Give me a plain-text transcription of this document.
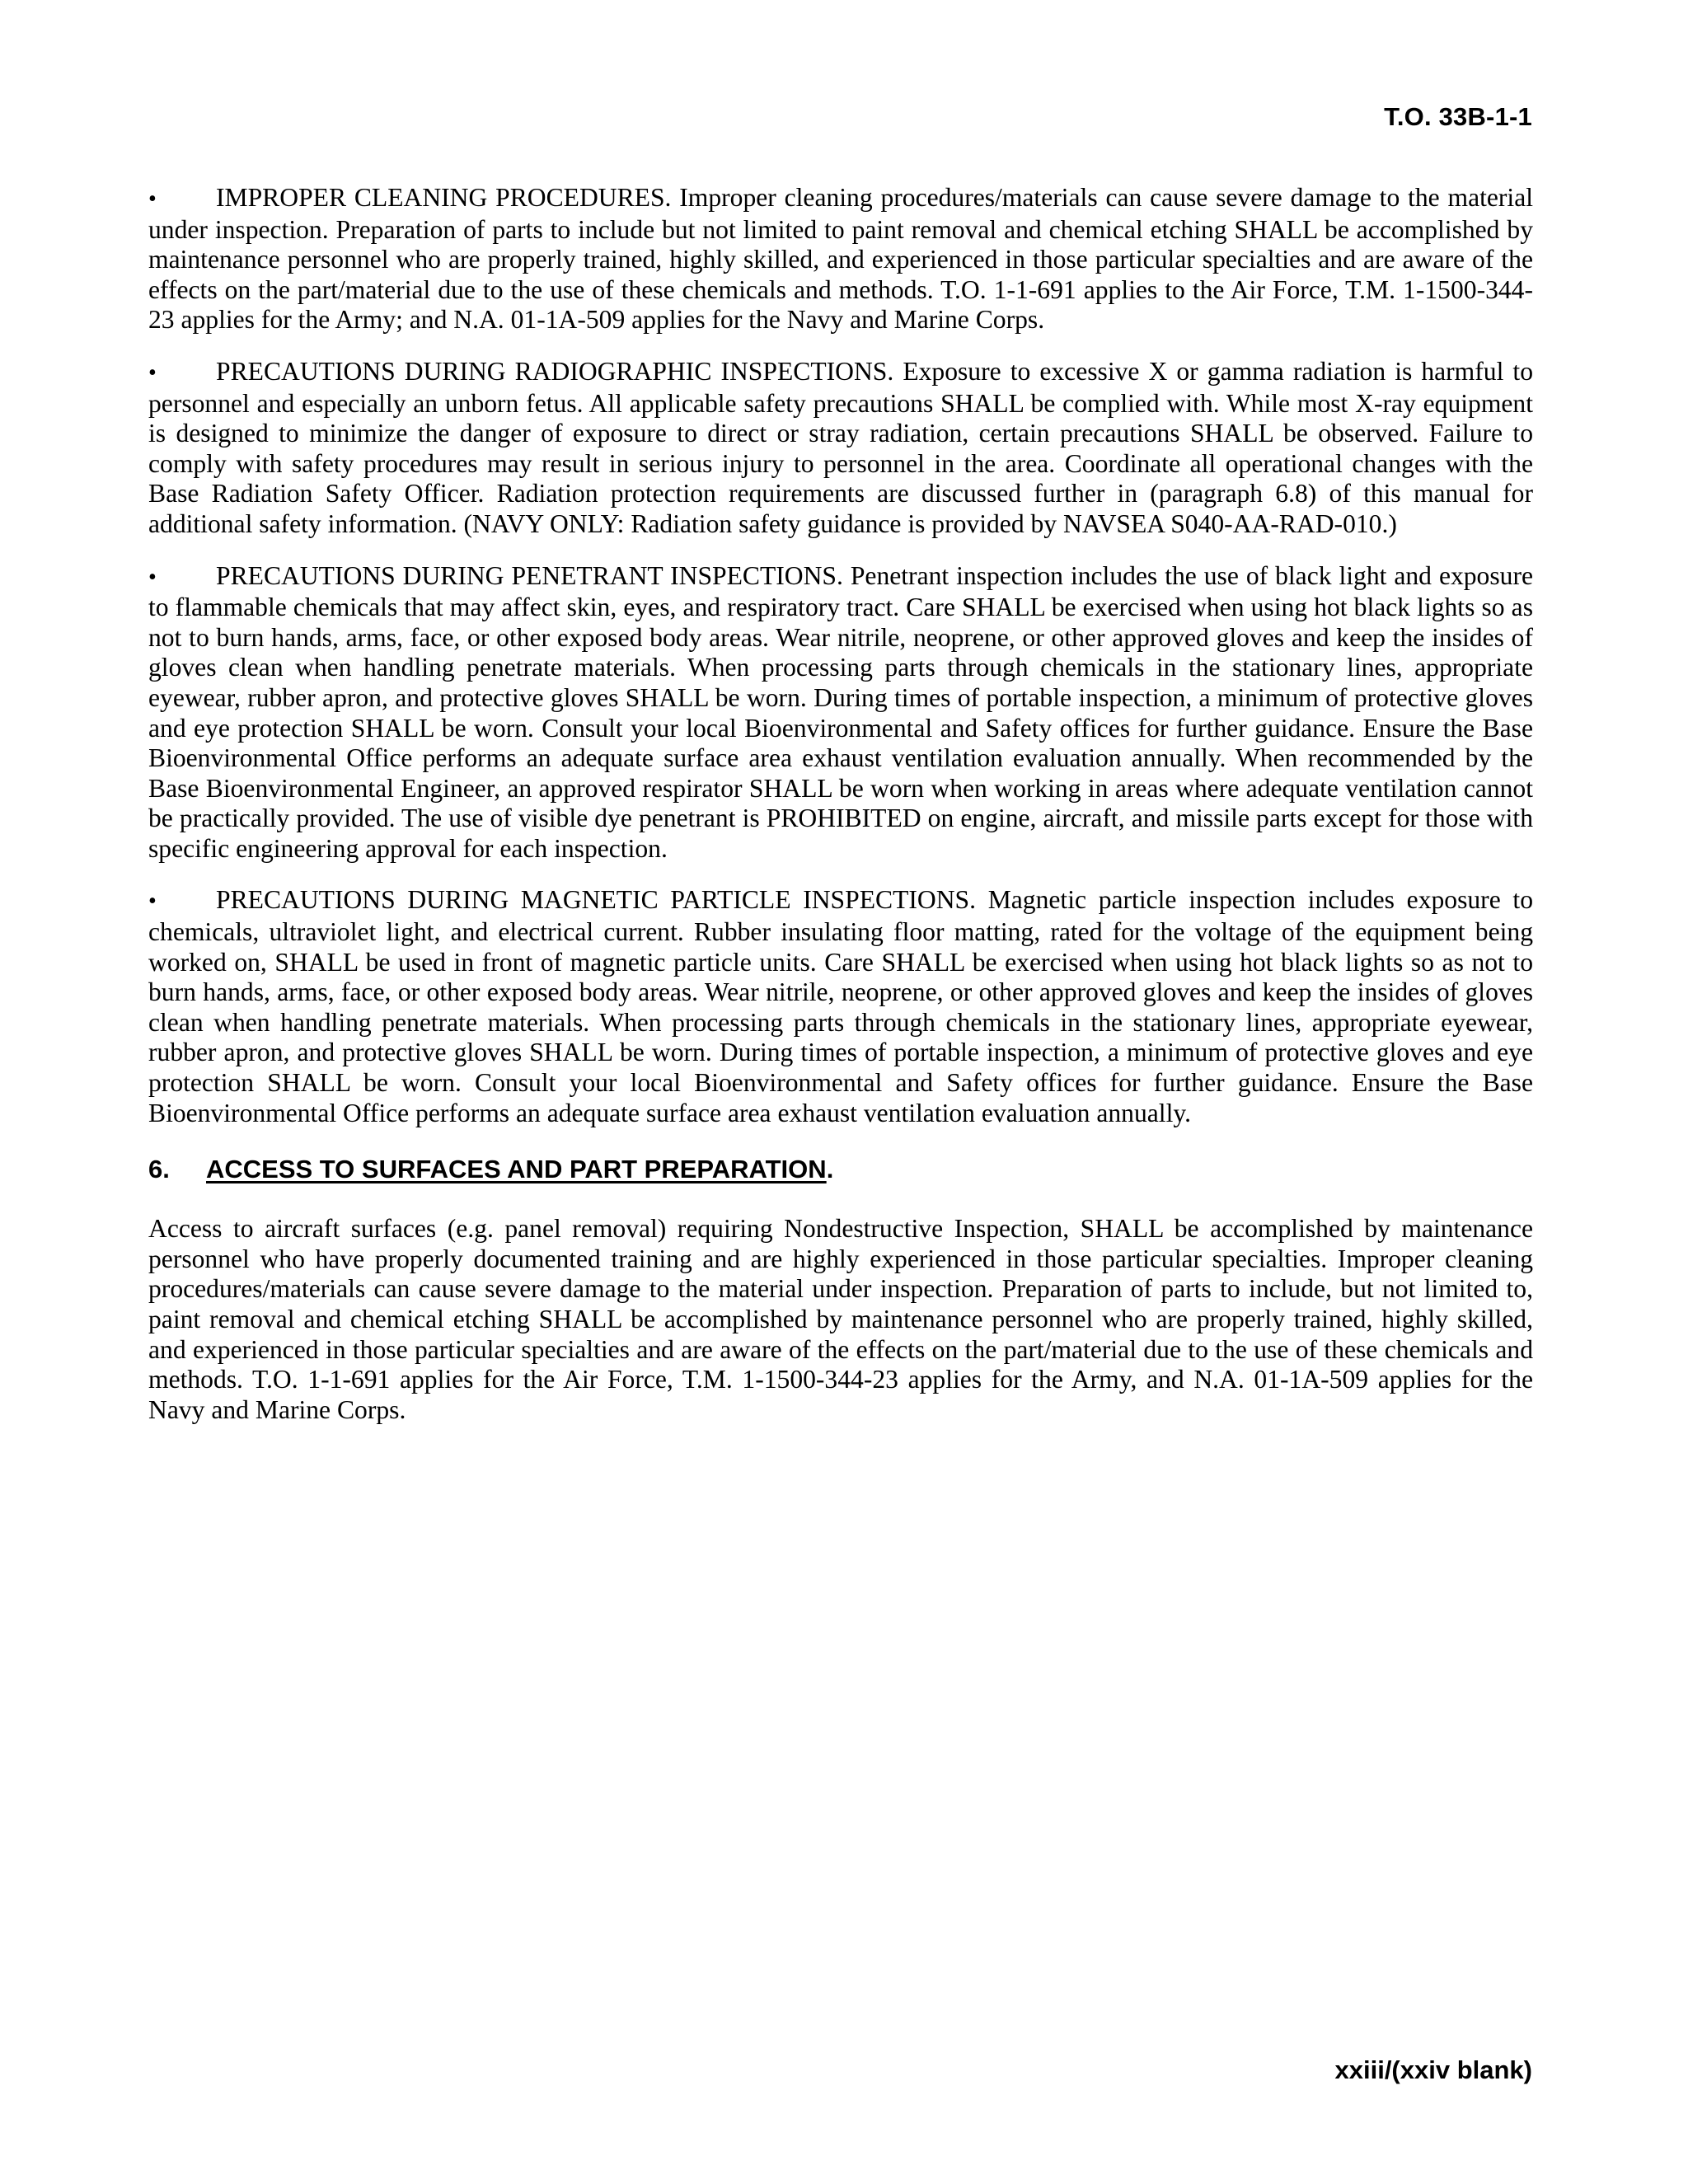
T.O. 33B-1-1

• IMPROPER CLEANING PROCEDURES. Improper cleaning procedures/materials can cause severe damage to the material under inspection. Preparation of parts to include but not limited to paint removal and chemical etching SHALL be accomplished by maintenance personnel who are properly trained, highly skilled, and experienced in those particular specialties and are aware of the effects on the part/material due to the use of these chemicals and methods. T.O. 1-1-691 applies to the Air Force, T.M. 1-1500-344-23 applies for the Army; and N.A. 01-1A-509 applies for the Navy and Marine Corps.

• PRECAUTIONS DURING RADIOGRAPHIC INSPECTIONS. Exposure to excessive X or gamma radiation is harmful to personnel and especially an unborn fetus. All applicable safety precautions SHALL be complied with. While most X-ray equipment is designed to minimize the danger of exposure to direct or stray radiation, certain precautions SHALL be observed. Failure to comply with safety procedures may result in serious injury to personnel in the area. Coordinate all operational changes with the Base Radiation Safety Officer. Radiation protection requirements are discussed further in (paragraph 6.8) of this manual for additional safety information. (NAVY ONLY: Radiation safety guidance is provided by NAVSEA S040-AA-RAD-010.)

• PRECAUTIONS DURING PENETRANT INSPECTIONS. Penetrant inspection includes the use of black light and exposure to flammable chemicals that may affect skin, eyes, and respiratory tract. Care SHALL be exercised when using hot black lights so as not to burn hands, arms, face, or other exposed body areas. Wear nitrile, neoprene, or other approved gloves and keep the insides of gloves clean when handling penetrate materials. When processing parts through chemicals in the stationary lines, appropriate eyewear, rubber apron, and protective gloves SHALL be worn. During times of portable inspection, a minimum of protective gloves and eye protection SHALL be worn. Consult your local Bioenvironmental and Safety offices for further guidance. Ensure the Base Bioenvironmental Office performs an adequate surface area exhaust ventilation evaluation annually. When recommended by the Base Bioenvironmental Engineer, an approved respirator SHALL be worn when working in areas where adequate ventilation cannot be practically provided. The use of visible dye penetrant is PROHIBITED on engine, aircraft, and missile parts except for those with specific engineering approval for each inspection.

• PRECAUTIONS DURING MAGNETIC PARTICLE INSPECTIONS. Magnetic particle inspection includes exposure to chemicals, ultraviolet light, and electrical current. Rubber insulating floor matting, rated for the voltage of the equipment being worked on, SHALL be used in front of magnetic particle units. Care SHALL be exercised when using hot black lights so as not to burn hands, arms, face, or other exposed body areas. Wear nitrile, neoprene, or other approved gloves and keep the insides of gloves clean when handling penetrate materials. When processing parts through chemicals in the stationary lines, appropriate eyewear, rubber apron, and protective gloves SHALL be worn. During times of portable inspection, a minimum of protective gloves and eye protection SHALL be worn. Consult your local Bioenvironmental and Safety offices for further guidance. Ensure the Base Bioenvironmental Office performs an adequate surface area exhaust ventilation evaluation annually.

6. ACCESS TO SURFACES AND PART PREPARATION.

Access to aircraft surfaces (e.g. panel removal) requiring Nondestructive Inspection, SHALL be accomplished by maintenance personnel who have properly documented training and are highly experienced in those particular specialties. Improper cleaning procedures/materials can cause severe damage to the material under inspection. Preparation of parts to include, but not limited to, paint removal and chemical etching SHALL be accomplished by maintenance personnel who are properly trained, highly skilled, and experienced in those particular specialties and are aware of the effects on the part/material due to the use of these chemicals and methods. T.O. 1-1-691 applies for the Air Force, T.M. 1-1500-344-23 applies for the Army, and N.A. 01-1A-509 applies for the Navy and Marine Corps.

xxiii/(xxiv blank)
